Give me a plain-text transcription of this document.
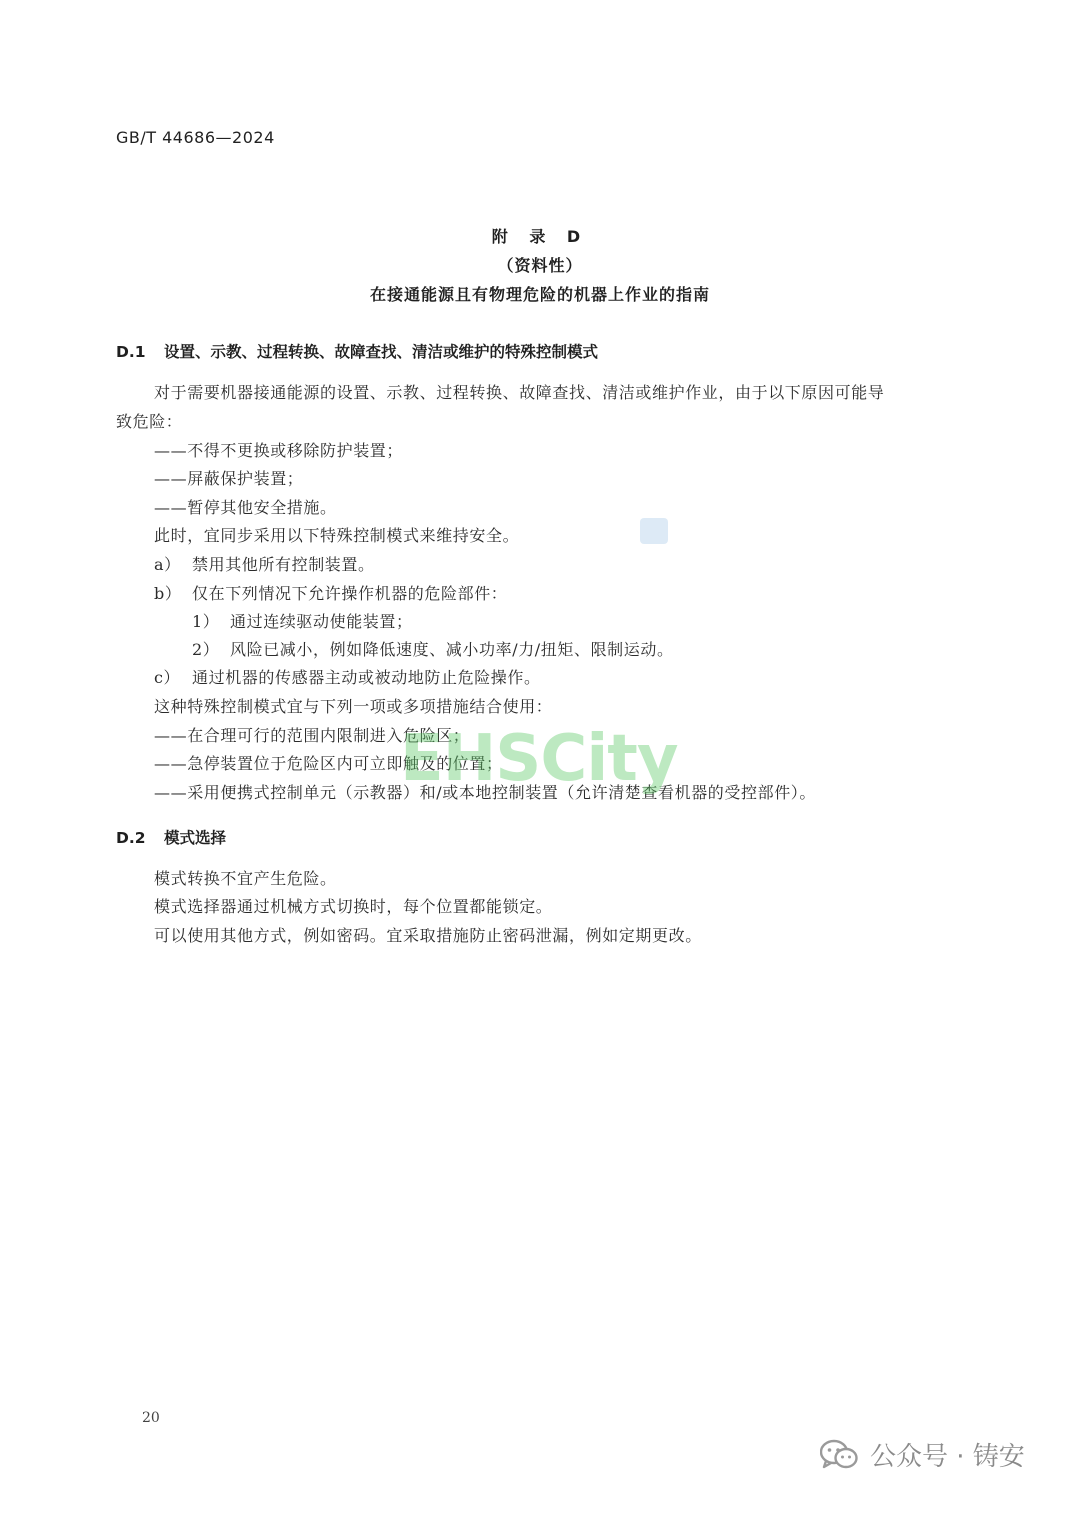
GB/T 44686—2024
附 录 D
（资料性）
在接通能源且有物理危险的机器上作业的指南
D.1 设置、示教、过程转换、故障查找、清洁或维护的特殊控制模式
对于需要机器接通能源的设置、示教、过程转换、故障查找、清洁或维护作业，由于以下原因可能导
致危险：
——不得不更换或移除防护装置；
——屏蔽保护装置；
——暂停其他安全措施。
此时，宜同步采用以下特殊控制模式来维持安全。
a） 禁用其他所有控制装置。
b） 仅在下列情况下允许操作机器的危险部件：
1） 通过连续驱动使能装置；
2） 风险已减小，例如降低速度、减小功率/力/扭矩、限制运动。
c） 通过机器的传感器主动或被动地防止危险操作。
这种特殊控制模式宜与下列一项或多项措施结合使用：
——在合理可行的范围内限制进入危险区；
——急停装置位于危险区内可立即触及的位置；
——采用便携式控制单元（示教器）和/或本地控制装置（允许清楚查看机器的受控部件）。
D.2 模式选择
模式转换不宜产生危险。
模式选择器通过机械方式切换时，每个位置都能锁定。
可以使用其他方式，例如密码。宜采取措施防止密码泄漏，例如定期更改。
EHSCity
20
公众号 · 铸安
